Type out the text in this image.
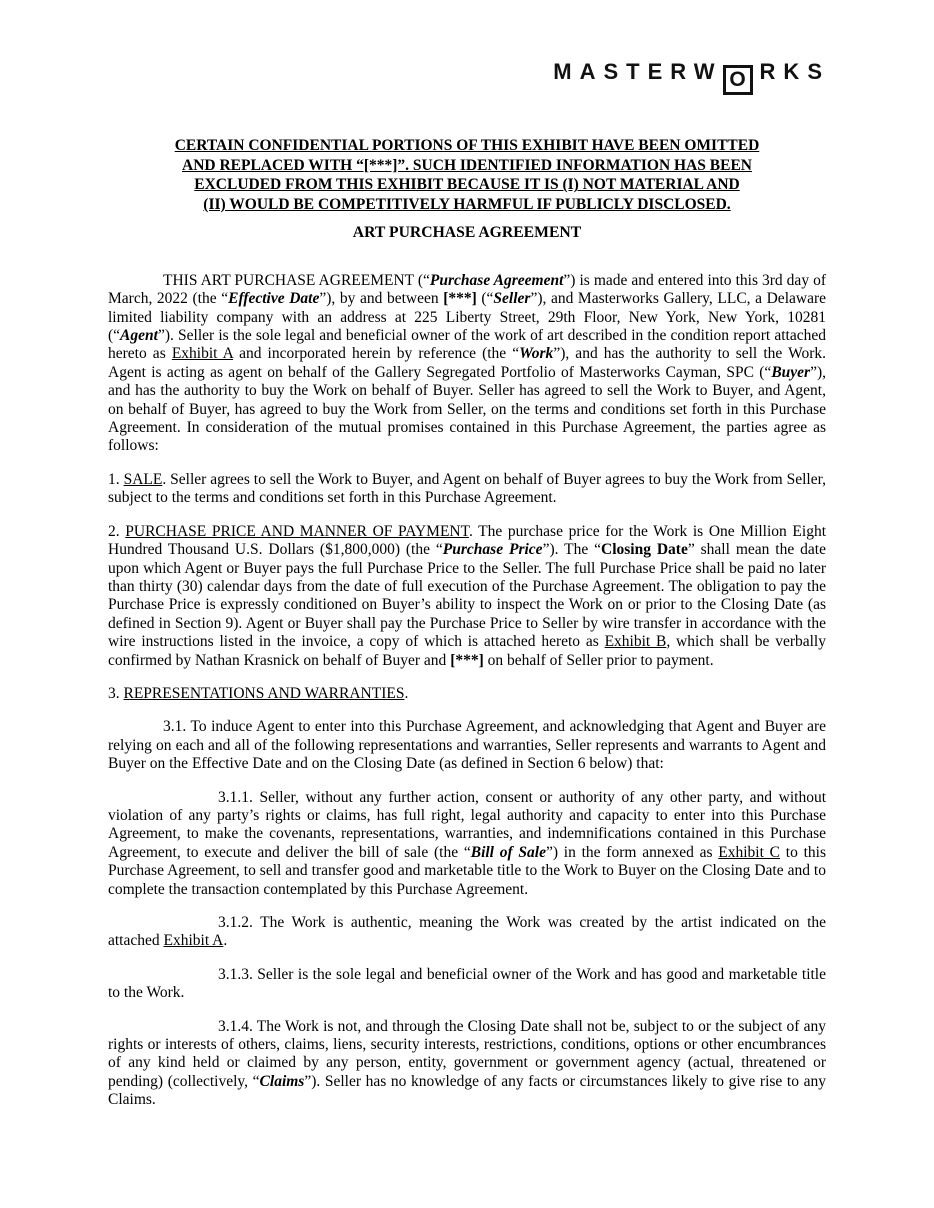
MASTERW O RKS
CERTAIN CONFIDENTIAL PORTIONS OF THIS EXHIBIT HAVE BEEN OMITTED
AND REPLACED WITH “[***]”. SUCH IDENTIFIED INFORMATION HAS BEEN
EXCLUDED FROM THIS EXHIBIT BECAUSE IT IS (I) NOT MATERIAL AND
(II) WOULD BE COMPETITIVELY HARMFUL IF PUBLICLY DISCLOSED.
ART PURCHASE AGREEMENT

THIS ART PURCHASE AGREEMENT (“Purchase Agreement”) is made and entered into this 3rd day of March, 2022 (the “Effective Date”), by and between [***] (“Seller”), and Masterworks Gallery, LLC, a Delaware limited liability company with an address at 225 Liberty Street, 29th Floor, New York, New York, 10281 (“Agent”). Seller is the sole legal and beneficial owner of the work of art described in the condition report attached hereto as Exhibit A and incorporated herein by reference (the “Work”), and has the authority to sell the Work. Agent is acting as agent on behalf of the Gallery Segregated Portfolio of Masterworks Cayman, SPC (“Buyer”), and has the authority to buy the Work on behalf of Buyer. Seller has agreed to sell the Work to Buyer, and Agent, on behalf of Buyer, has agreed to buy the Work from Seller, on the terms and conditions set forth in this Purchase Agreement. In consideration of the mutual promises contained in this Purchase Agreement, the parties agree as follows:

1. SALE. Seller agrees to sell the Work to Buyer, and Agent on behalf of Buyer agrees to buy the Work from Seller, subject to the terms and conditions set forth in this Purchase Agreement.

2. PURCHASE PRICE AND MANNER OF PAYMENT. The purchase price for the Work is One Million Eight Hundred Thousand U.S. Dollars ($1,800,000) (the “Purchase Price”). The “Closing Date” shall mean the date upon which Agent or Buyer pays the full Purchase Price to the Seller. The full Purchase Price shall be paid no later than thirty (30) calendar days from the date of full execution of the Purchase Agreement. The obligation to pay the Purchase Price is expressly conditioned on Buyer’s ability to inspect the Work on or prior to the Closing Date (as defined in Section 9). Agent or Buyer shall pay the Purchase Price to Seller by wire transfer in accordance with the wire instructions listed in the invoice, a copy of which is attached hereto as Exhibit B, which shall be verbally confirmed by Nathan Krasnick on behalf of Buyer and [***] on behalf of Seller prior to payment.

3. REPRESENTATIONS AND WARRANTIES.

3.1. To induce Agent to enter into this Purchase Agreement, and acknowledging that Agent and Buyer are relying on each and all of the following representations and warranties, Seller represents and warrants to Agent and Buyer on the Effective Date and on the Closing Date (as defined in Section 6 below) that:

3.1.1. Seller, without any further action, consent or authority of any other party, and without violation of any party’s rights or claims, has full right, legal authority and capacity to enter into this Purchase Agreement, to make the covenants, representations, warranties, and indemnifications contained in this Purchase Agreement, to execute and deliver the bill of sale (the “Bill of Sale”) in the form annexed as Exhibit C to this Purchase Agreement, to sell and transfer good and marketable title to the Work to Buyer on the Closing Date and to complete the transaction contemplated by this Purchase Agreement.

3.1.2. The Work is authentic, meaning the Work was created by the artist indicated on the attached Exhibit A.

3.1.3. Seller is the sole legal and beneficial owner of the Work and has good and marketable title to the Work.

3.1.4. The Work is not, and through the Closing Date shall not be, subject to or the subject of any rights or interests of others, claims, liens, security interests, restrictions, conditions, options or other encumbrances of any kind held or claimed by any person, entity, government or government agency (actual, threatened or pending) (collectively, “Claims”). Seller has no knowledge of any facts or circumstances likely to give rise to any Claims.
